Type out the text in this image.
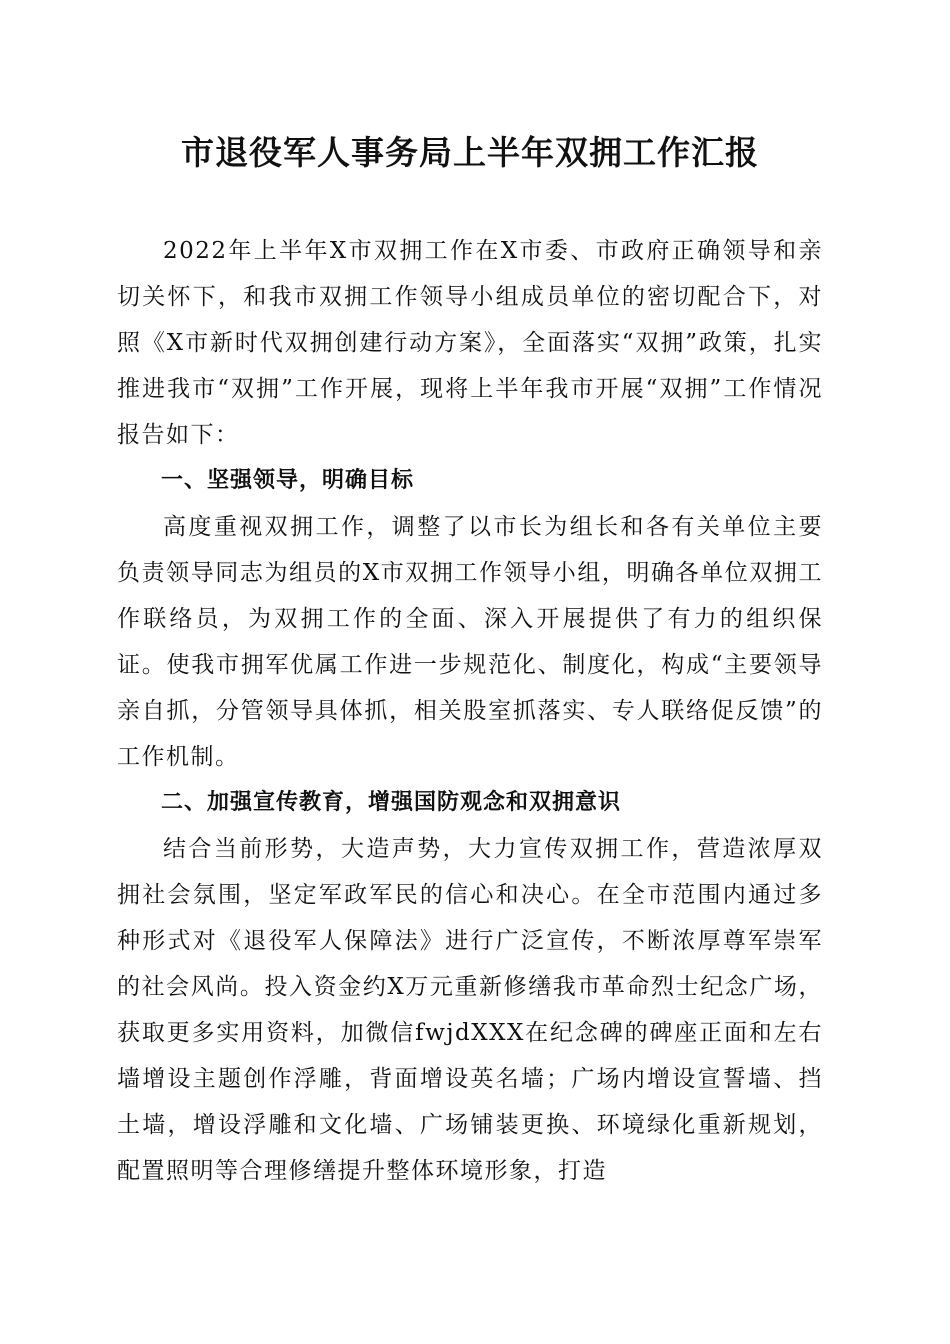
市退役军人事务局上半年双拥工作汇报

2022年上半年X市双拥工作在X市委、市政府正确领导和亲切关怀下，和我市双拥工作领导小组成员单位的密切配合下，对照《X市新时代双拥创建行动方案》，全面落实“双拥”政策，扎实推进我市“双拥”工作开展，现将上半年我市开展“双拥”工作情况报告如下：

一、坚强领导，明确目标

高度重视双拥工作，调整了以市长为组长和各有关单位主要负责领导同志为组员的X市双拥工作领导小组，明确各单位双拥工作联络员，为双拥工作的全面、深入开展提供了有力的组织保证。使我市拥军优属工作进一步规范化、制度化，构成“主要领导亲自抓，分管领导具体抓，相关股室抓落实、专人联络促反馈”的工作机制。

二、加强宣传教育，增强国防观念和双拥意识

结合当前形势，大造声势，大力宣传双拥工作，营造浓厚双拥社会氛围，坚定军政军民的信心和决心。在全市范围内通过多种形式对《退役军人保障法》进行广泛宣传，不断浓厚尊军崇军的社会风尚。投入资金约X万元重新修缮我市革命烈士纪念广场，获取更多实用资料，加微信fwjdXXX在纪念碑的碑座正面和左右墙增设主题创作浮雕，背面增设英名墙；广场内增设宣誓墙、挡土墙，增设浮雕和文化墙、广场铺装更换、环境绿化重新规划，配置照明等合理修缮提升整体环境形象，打造
